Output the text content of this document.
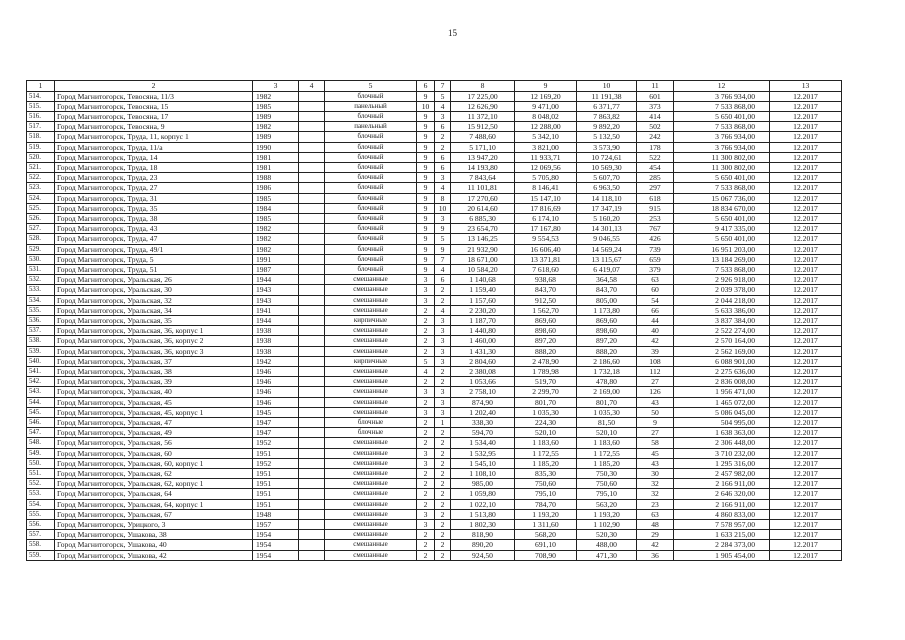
15
1	2	3	4	5	6	7	8	9	10	11	12	13
514.	Город Магнитогорск, Тевосяна, 11/3	1982		блочный	9	5	17 225,00	12 169,20	11 191,38	601	3 766 934,00	12.2017
515.	Город Магнитогорск, Тевосяна, 15	1985		панельный	10	4	12 626,90	9 471,00	6 371,77	373	7 533 868,00	12.2017
516.	Город Магнитогорск, Тевосяна, 17	1989		блочный	9	3	11 372,10	8 048,02	7 863,82	414	5 650 401,00	12.2017
517.	Город Магнитогорск, Тевосяна, 9	1982		панельный	9	6	15 912,50	12 288,00	9 892,20	502	7 533 868,00	12.2017
518.	Город Магнитогорск, Труда, 11, корпус 1	1989		блочный	9	2	7 488,60	5 342,10	5 132,50	242	3 766 934,00	12.2017
519.	Город Магнитогорск, Труда, 11/а	1990		блочный	9	2	5 171,10	3 821,00	3 573,90	178	3 766 934,00	12.2017
520.	Город Магнитогорск, Труда, 14	1981		блочный	9	6	13 947,20	11 933,71	10 724,61	522	11 300 802,00	12.2017
521.	Город Магнитогорск, Труда, 18	1981		блочный	9	6	14 193,80	12 069,56	10 569,30	454	11 300 802,00	12.2017
522.	Город Магнитогорск, Труда, 23	1988		блочный	9	3	7 843,64	5 705,80	5 607,70	285	5 650 401,00	12.2017
523.	Город Магнитогорск, Труда, 27	1986		блочный	9	4	11 101,81	8 146,41	6 963,50	297	7 533 868,00	12.2017
524.	Город Магнитогорск, Труда, 31	1985		блочный	9	8	17 270,60	15 147,10	14 118,10	618	15 067 736,00	12.2017
525.	Город Магнитогорск, Труда, 35	1984		блочный	9	10	20 614,60	17 816,69	17 347,19	915	18 834 670,00	12.2017
526.	Город Магнитогорск, Труда, 38	1985		блочный	9	3	6 885,30	6 174,10	5 160,20	253	5 650 401,00	12.2017
527.	Город Магнитогорск, Труда, 43	1982		блочный	9	9	23 654,70	17 167,80	14 301,13	767	9 417 335,00	12.2017
528.	Город Магнитогорск, Труда, 47	1982		блочный	9	5	13 146,25	9 554,53	9 046,55	426	5 650 401,00	12.2017
529.	Город Магнитогорск, Труда, 49/1	1982		блочный	9	9	21 932,90	16 606,40	14 569,24	739	16 951 203,00	12.2017
530.	Город Магнитогорск, Труда, 5	1991		блочный	9	7	18 671,00	13 371,81	13 115,67	659	13 184 269,00	12.2017
531.	Город Магнитогорск, Труда, 51	1987		блочный	9	4	10 584,20	7 618,60	6 419,07	379	7 533 868,00	12.2017
532.	Город Магнитогорск, Уральская, 26	1944		смешанные	3	6	1 140,68	938,68	364,58	63	2 926 918,00	12.2017
533.	Город Магнитогорск, Уральская, 30	1943		смешанные	3	2	1 159,40	843,70	843,70	60	2 039 378,00	12.2017
534.	Город Магнитогорск, Уральская, 32	1943		смешанные	3	2	1 157,60	912,50	805,00	54	2 044 218,00	12.2017
535.	Город Магнитогорск, Уральская, 34	1941		смешанные	2	4	2 230,20	1 562,70	1 173,80	66	5 633 386,00	12.2017
536.	Город Магнитогорск, Уральская, 35	1944		кирпичные	2	3	1 187,70	869,60	869,60	44	3 837 384,00	12.2017
537.	Город Магнитогорск, Уральская, 36, корпус 1	1938		смешанные	2	3	1 440,80	898,60	898,60	40	2 522 274,00	12.2017
538.	Город Магнитогорск, Уральская, 36, корпус 2	1938		смешанные	2	3	1 460,00	897,20	897,20	42	2 570 164,00	12.2017
539.	Город Магнитогорск, Уральская, 36, корпус 3	1938		смешанные	2	3	1 431,30	888,20	888,20	39	2 562 169,00	12.2017
540.	Город Магнитогорск, Уральская, 37	1942		кирпичные	5	3	2 804,60	2 478,90	2 186,60	108	6 088 901,00	12.2017
541.	Город Магнитогорск, Уральская, 38	1946		смешанные	4	2	2 380,08	1 789,98	1 732,18	112	2 275 636,00	12.2017
542.	Город Магнитогорск, Уральская, 39	1946		смешанные	2	2	1 053,66	519,70	478,80	27	2 836 008,00	12.2017
543.	Город Магнитогорск, Уральская, 40	1946		смешанные	3	3	2 758,10	2 299,70	2 169,00	126	1 956 471,00	12.2017
544.	Город Магнитогорск, Уральская, 45	1946		смешанные	2	3	874,90	801,70	801,70	43	1 465 072,00	12.2017
545.	Город Магнитогорск, Уральская, 45, корпус 1	1945		смешанные	3	3	1 202,40	1 035,30	1 035,30	50	5 086 045,00	12.2017
546.	Город Магнитогорск, Уральская, 47	1947		блочные	2	1	338,30	224,30	81,50	9	504 995,00	12.2017
547.	Город Магнитогорск, Уральская, 49	1947		блочные	2	2	594,70	520,10	520,10	27	1 638 363,00	12.2017
548.	Город Магнитогорск, Уральская, 56	1952		смешанные	2	2	1 534,40	1 183,60	1 183,60	58	2 306 448,00	12.2017
549.	Город Магнитогорск, Уральская, 60	1951		смешанные	3	2	1 532,95	1 172,55	1 172,55	45	3 710 232,00	12.2017
550.	Город Магнитогорск, Уральская, 60, корпус 1	1952		смешанные	3	2	1 545,10	1 185,20	1 185,20	43	1 295 316,00	12.2017
551.	Город Магнитогорск, Уральская, 62	1951		смешанные	2	2	1 108,10	835,30	750,30	30	2 457 982,00	12.2017
552.	Город Магнитогорск, Уральская, 62, корпус 1	1951		смешанные	2	2	985,00	750,60	750,60	32	2 166 911,00	12.2017
553.	Город Магнитогорск, Уральская, 64	1951		смешанные	2	2	1 059,80	795,10	795,10	32	2 646 320,00	12.2017
554.	Город Магнитогорск, Уральская, 64, корпус 1	1951		смешанные	2	2	1 022,10	784,70	563,20	23	2 166 911,00	12.2017
555.	Город Магнитогорск, Уральская, 67	1948		смешанные	3	2	1 513,80	1 193,20	1 193,20	63	4 860 833,00	12.2017
556.	Город Магнитогорск, Урицкого, 3	1957		смешанные	3	2	1 802,30	1 311,60	1 102,90	48	7 578 957,00	12.2017
557.	Город Магнитогорск, Ушакова, 38	1954		смешанные	2	2	818,90	568,20	520,30	29	1 633 215,00	12.2017
558.	Город Магнитогорск, Ушакова, 40	1954		смешанные	2	2	890,20	691,10	488,00	42	2 284 373,00	12.2017
559.	Город Магнитогорск, Ушакова, 42	1954		смешанные	2	2	924,50	708,90	471,30	36	1 905 454,00	12.2017
